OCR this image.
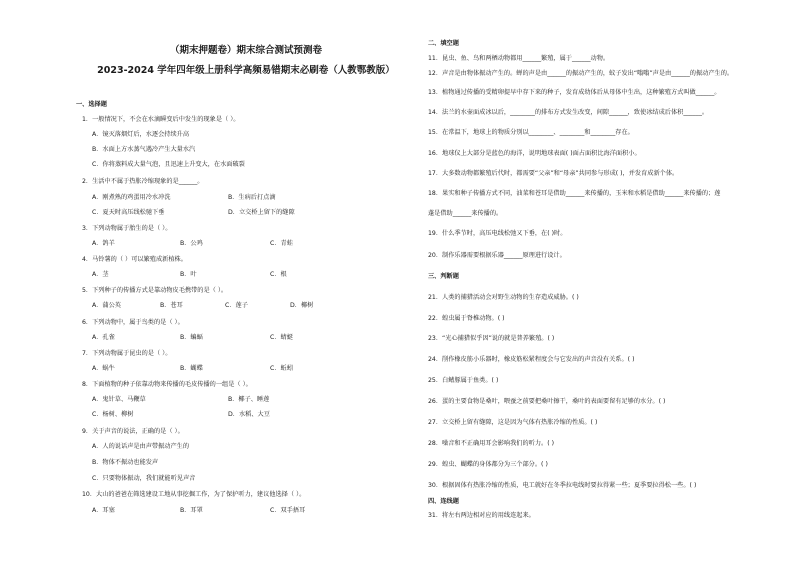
（期末押题卷）期末综合测试预测卷
2023-2024 学年四年级上册科学高频易错期末必刷卷（人教鄂教版）
一、选择题
1．一般情况下，不会在水滴瞬变后中发生的现象是（ ）。
A．镜灭落烟灯后，水逐会持续升高
B．水面上方水蒸气遇冷产生大量水汽
C．你将蒸料成大量气泡，且迅速上升变大，在水面破裂
2．生活中不属于热胀冷缩现象的是______。
A．刚煮熟的鸡蛋用冷水冲洗	B．生病后打点滴
C．夏天时高压线松驰下垂	D．立交桥上留下的缝隙
3．下列动物属于胎生的是（ ）。
A．鸽羊	B．公鸡	C．青蛙
4．马铃薯的（ ）可以繁殖成新植株。
A．茎	B．叶	C．根
5．下列种子的传播方式是靠动物皮毛携带的是（ ）。
A．蒲公英	B．苍耳	C．莲子	D．椰树
6．下列动物中，属于鸟类的是（ ）。
A．孔雀	B．蝙蝠	C．蜻蜓
7．下列动物属于昆虫的是（ ）。
A．蜗牛	B．蝴蝶	C．蚯蚓
8．下面植物的种子依靠动物来传播的毛皮传播的一组是（ ）。
A．鬼针草、马鞭草	B．椰子、睡莲
C．杨树、柳树	D．水稻、大豆
9．关于声音的说法，正确的是（ ）。
A．人的说话声是由声带振动产生的
B．物体不振动也能发声
C．只要物体振动，我们就能听见声音
10．大山的爸爸在筛选建设工地从事挖掘工作，为了保护听力，建议他选择（ ）。
A．耳塞	B．耳罩	C．双手捂耳
二、填空题
11．昆虫、鱼、鸟和两栖动物都用______繁殖，属于______动物。
12．声音是由物体振动产生的。蝉的声是由______的振动产生的，蚊子发出“嗡嗡”声是由______的振动产生的。
13．植物通过传播的受精卵提早中存下来的种子，发育成幼体后从母体中生出，这种繁殖方式叫做______。
14．法兰的水壶面成冰以后，________的排布方式发生改变，间隙______，致使冰结成后体积______。
15．在常温下，地球上的物质分别以________、________和________存在。
16．地球仪上大部分是蓝色的海洋，说明地球表面( )面占面积比海洋面积小。
17．大多数动物都繁殖后代时，都需要“父亲”和“母亲”共同参与形成( )，并发育成新个体。
18．果实和种子传播方式不同，油菜和苍耳是借助______来传播的，玉米和水稻是借助______来传播的；莲
蓬是借助______来传播的。
19．什么季节时，高压电线松弛又下垂，在( )时。
20．制作乐器需要根据乐器______原理进行设计。
三、判断题
21．人类的捕猎活动会对野生动物的生存造成威胁。( )
22．蝗虫属于脊椎动物。( )
23．“光心捕猎似乎因”说的就是普养繁殖。( )
24．削作橡皮筋小乐器时，橡皮筋松紧程度会与它发出的声音没有关系。( )
25．白鳍豚属于鱼类。( )
26．蛋的主要食物是桑叶，喂蚕之前要把桑叶擦干，桑叶的表面要留有足够的水分。( )
27．立交桥上留有缝隙，这是因为气体有热胀冷缩的性质。( )
28．噪音和不正确用耳会影响我们的听力。( )
29．蝗虫、蝴蝶的身体都分为三个部分。( )
30．根据固体有热胀冷缩的性质，电工就好在冬季拉电线时要拉得紧一些；夏季要拉得松一些。( )
四、连线题
31．将左右两边相对应的用线连起来。
